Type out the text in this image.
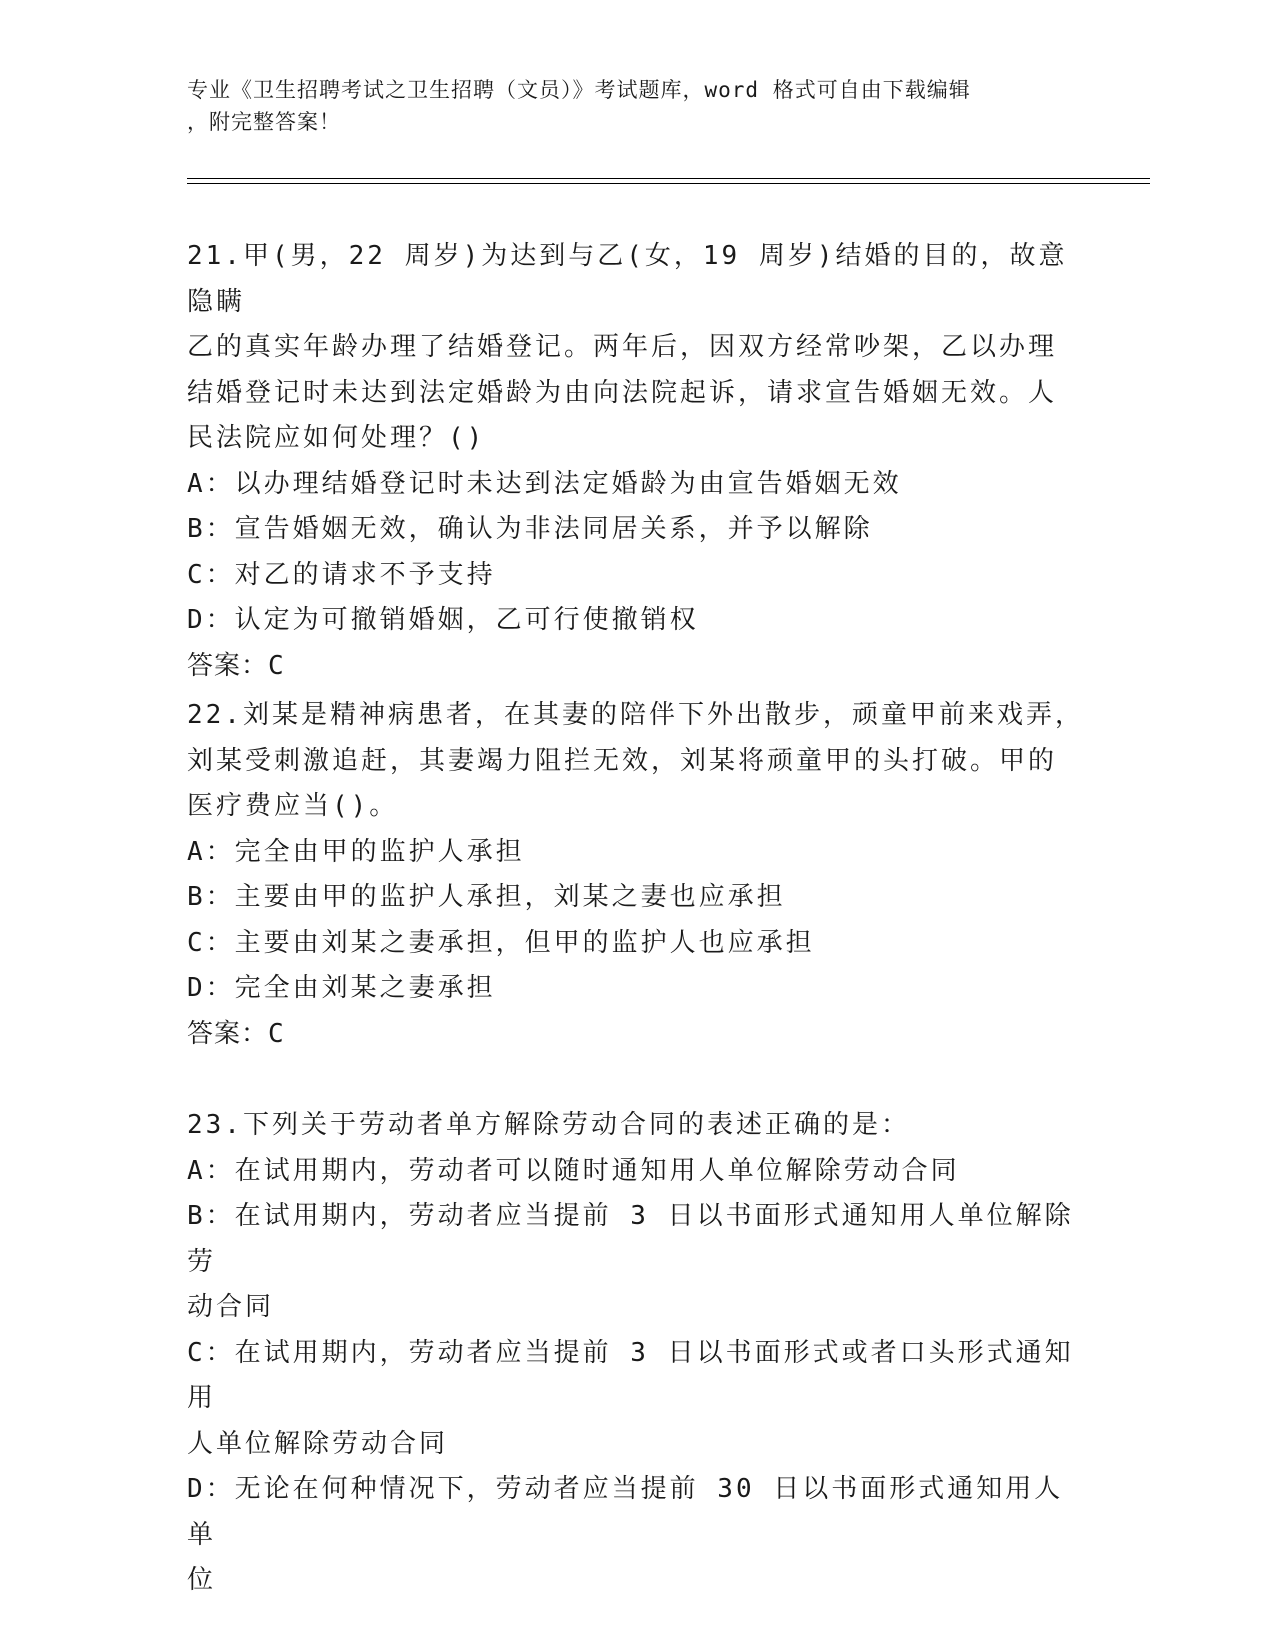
专业《卫生招聘考试之卫生招聘（文员）》考试题库，word 格式可自由下载编辑
，附完整答案！

21.甲(男，22 周岁)为达到与乙(女，19 周岁)结婚的目的，故意隐瞒

乙的真实年龄办理了结婚登记。两年后，因双方经常吵架，乙以办理

结婚登记时未达到法定婚龄为由向法院起诉，请求宣告婚姻无效。人

民法院应如何处理？()

A：以办理结婚登记时未达到法定婚龄为由宣告婚姻无效

B：宣告婚姻无效，确认为非法同居关系，并予以解除

C：对乙的请求不予支持

D：认定为可撤销婚姻，乙可行使撤销权

答案：C

22.刘某是精神病患者，在其妻的陪伴下外出散步，顽童甲前来戏弄，

刘某受刺激追赶，其妻竭力阻拦无效，刘某将顽童甲的头打破。甲的

医疗费应当()。

A：完全由甲的监护人承担

B：主要由甲的监护人承担，刘某之妻也应承担

C：主要由刘某之妻承担，但甲的监护人也应承担

D：完全由刘某之妻承担

答案：C

23.下列关于劳动者单方解除劳动合同的表述正确的是：

A：在试用期内，劳动者可以随时通知用人单位解除劳动合同

B：在试用期内，劳动者应当提前 3 日以书面形式通知用人单位解除劳

动合同

C：在试用期内，劳动者应当提前 3 日以书面形式或者口头形式通知用

人单位解除劳动合同

D：无论在何种情况下，劳动者应当提前 30 日以书面形式通知用人单

位
